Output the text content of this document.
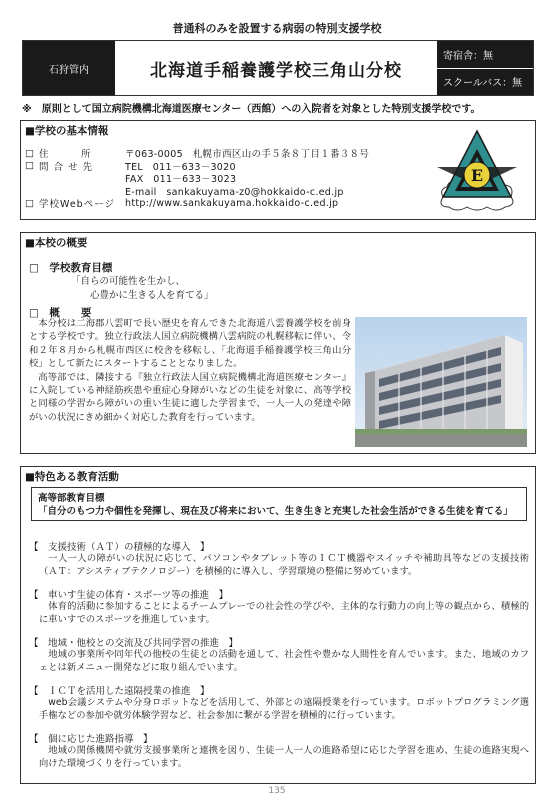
普通科のみを設置する病弱の特別支援学校
石狩管内	北海道手稲養護学校三角山分校
寄宿舎：無
スクールバス：無
※ 原則として国立病院機構北海道医療センター（西館）への入院者を対象とした特別支援学校です。
■学校の基本情報
□ 住　　　所	〒063-0005　札幌市西区山の手５条８丁目１番３８号
□ 問 合 せ 先	TEL　011－633－3020
FAX　011－633－3023
E-mail　sankakuyama-z0@hokkaido-c.ed.jp
□ 学校Webページ	http://www.sankakuyama.hokkaido-c.ed.jp
E
■本校の概要
□　学校教育目標
「自らの可能性を生かし、
　　心豊かに生きる人を育てる」
□　概　　要

本分校は二海郡八雲町で長い歴史を育んできた北海道八雲養護学校を前身とする学校です。独立行政法人国立病院機構八雲病院の札幌移転に伴い、令和２年８月から札幌市西区に校舎を移転し、「北海道手稲養護学校三角山分校」として新たにスタートすることとなりました。

高等部では、隣接する『独立行政法人国立病院機構北海道医療センター』に入院している神経筋疾患や重症心身障がいなどの生徒を対象に、高等学校と同様の学習から障がいの重い生徒に適した学習まで、一人一人の発達や障がいの状況にきめ細かく対応した教育を行っています。

■特色ある教育活動
高等部教育目標
「自分のもつ力や個性を発揮し、現在及び将来において、生き生きと充実した社会生活ができる生徒を育てる」
【　支援技術（ＡＴ）の積極的な導入　】
一人一人の障がいの状況に応じて、パソコンやタブレット等のＩＣＴ機器やスイッチや補助具等などの支援技術（ＡＴ：アシスティブテクノロジー）を積極的に導入し、学習環境の整備に努めています。
【　車いす生徒の体育・スポーツ等の推進　】
体育的活動に参加することによるチームプレーでの社会性の学びや、主体的な行動力の向上等の観点から、積極的に車いすでのスポーツを推進しています。
【　地域・他校との交流及び共同学習の推進　】
地域の事業所や同年代の他校の生徒との活動を通して、社会性や豊かな人間性を育んでいます。また、地域のカフェとは新メニュー開発などに取り組んでいます。
【　ＩＣＴを活用した遠隔授業の推進　】
web会議システムや分身ロボットなどを活用して、外部との遠隔授業を行っています。ロボットプログラミング選手権などの参加や就労体験学習など、社会参加に繋がる学習を積極的に行っています。
【　個に応じた進路指導　】
地域の関係機関や就労支援事業所と連携を図り、生徒一人一人の進路希望に応じた学習を進め、生徒の進路実現へ向けた環境づくりを行っています。
135
